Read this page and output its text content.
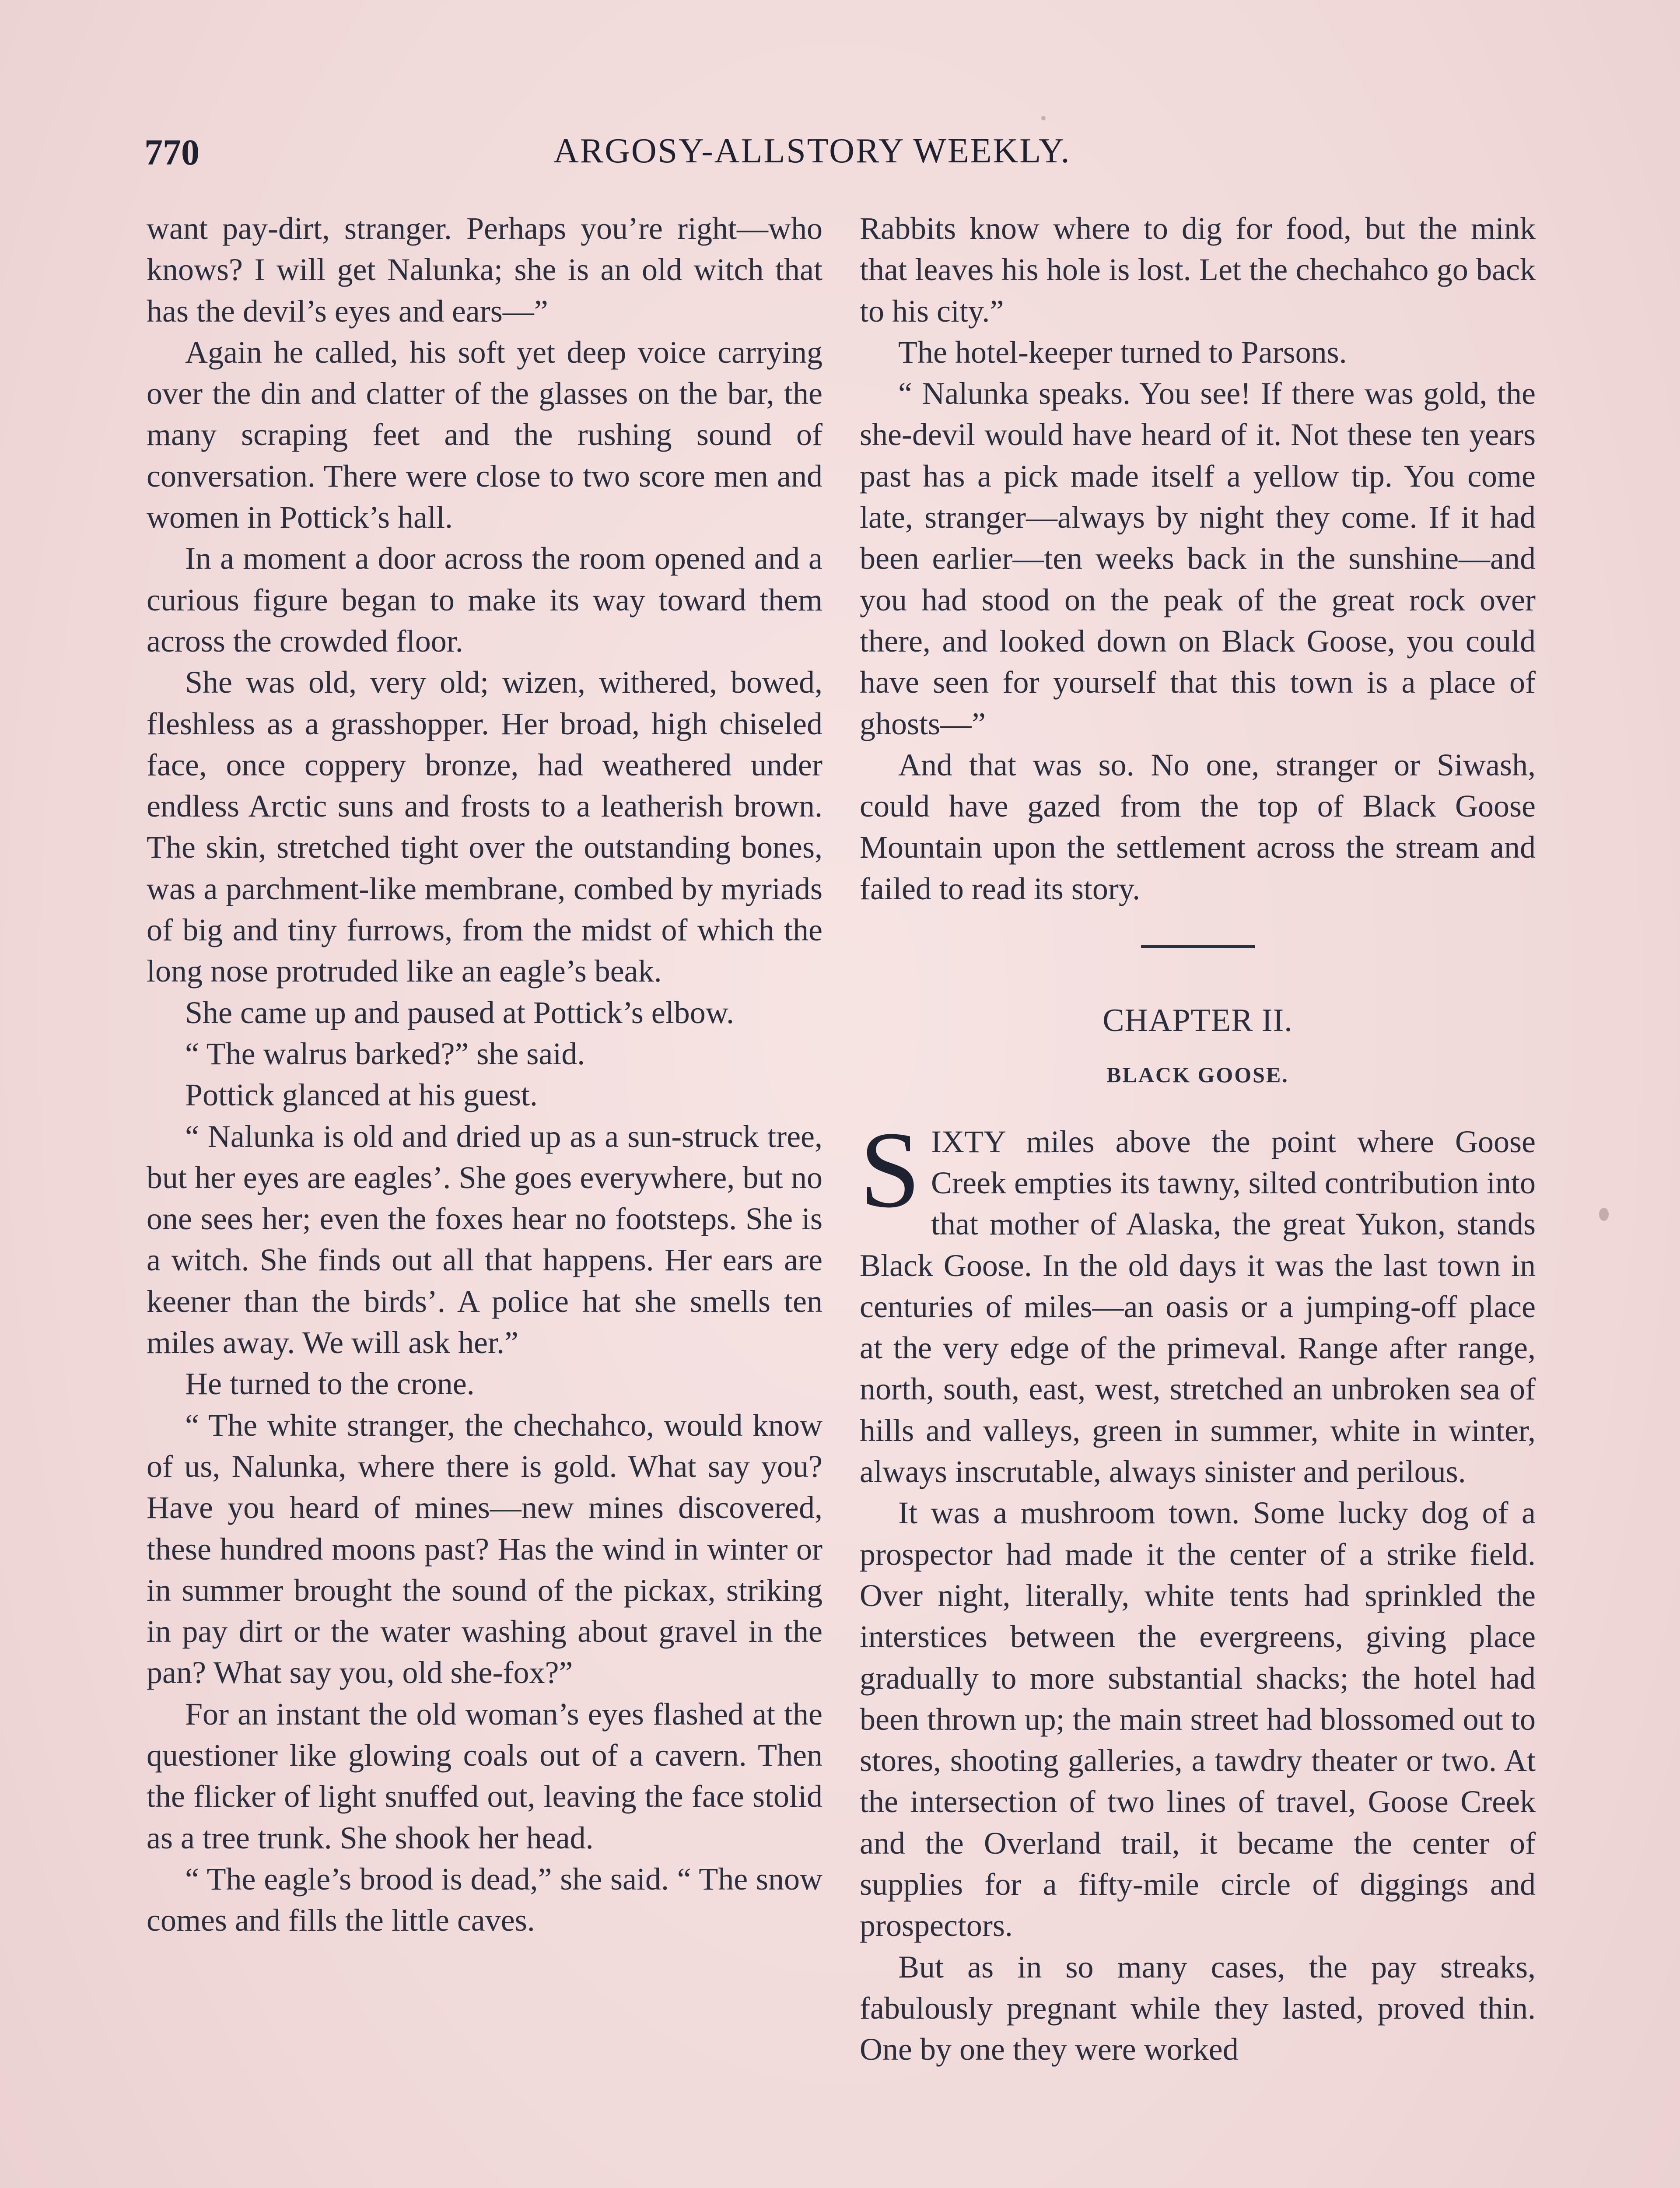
770	ARGOSY-ALLSTORY WEEKLY.

want pay-dirt, stranger. Perhaps you’re right—who knows? I will get Nalunka; she is an old witch that has the devil’s eyes and ears—”

Again he called, his soft yet deep voice carrying over the din and clatter of the glasses on the bar, the many scraping feet and the rushing sound of conversation. There were close to two score men and women in Pottick’s hall.

In a moment a door across the room opened and a curious figure began to make its way toward them across the crowded floor.

She was old, very old; wizen, withered, bowed, fleshless as a grasshopper. Her broad, high chiseled face, once coppery bronze, had weathered under endless Arctic suns and frosts to a leatherish brown. The skin, stretched tight over the outstanding bones, was a parchment-like membrane, combed by myriads of big and tiny furrows, from the midst of which the long nose protruded like an eagle’s beak.

She came up and paused at Pottick’s elbow.

“ The walrus barked?” she said.

Pottick glanced at his guest.

“ Nalunka is old and dried up as a sun-struck tree, but her eyes are eagles’. She goes everywhere, but no one sees her; even the foxes hear no footsteps. She is a witch. She finds out all that happens. Her ears are keener than the birds’. A police hat she smells ten miles away. We will ask her.”

He turned to the crone.

“ The white stranger, the chechahco, would know of us, Nalunka, where there is gold. What say you? Have you heard of mines—new mines discovered, these hundred moons past? Has the wind in winter or in summer brought the sound of the pickax, striking in pay dirt or the water washing about gravel in the pan? What say you, old she-fox?”

For an instant the old woman’s eyes flashed at the questioner like glowing coals out of a cavern. Then the flicker of light snuffed out, leaving the face stolid as a tree trunk. She shook her head.

“ The eagle’s brood is dead,” she said. “ The snow comes and fills the little caves.

Rabbits know where to dig for food, but the mink that leaves his hole is lost. Let the chechahco go back to his city.”

The hotel-keeper turned to Parsons.

“ Nalunka speaks. You see! If there was gold, the she-devil would have heard of it. Not these ten years past has a pick made itself a yellow tip. You come late, stranger—always by night they come. If it had been earlier—ten weeks back in the sunshine—and you had stood on the peak of the great rock over there, and looked down on Black Goose, you could have seen for yourself that this town is a place of ghosts—”

And that was so. No one, stranger or Siwash, could have gazed from the top of Black Goose Mountain upon the settlement across the stream and failed to read its story.

CHAPTER II.
BLACK GOOSE.

SIXTY miles above the point where Goose Creek empties its tawny, silted contribution into that mother of Alaska, the great Yukon, stands Black Goose. In the old days it was the last town in centuries of miles—an oasis or a jumping-off place at the very edge of the primeval. Range after range, north, south, east, west, stretched an unbroken sea of hills and valleys, green in summer, white in winter, always inscrutable, always sinister and perilous.

It was a mushroom town. Some lucky dog of a prospector had made it the center of a strike field. Over night, literally, white tents had sprinkled the interstices between the evergreens, giving place gradually to more substantial shacks; the hotel had been thrown up; the main street had blossomed out to stores, shooting galleries, a tawdry theater or two. At the intersection of two lines of travel, Goose Creek and the Overland trail, it became the center of supplies for a fifty-mile circle of diggings and prospectors.

But as in so many cases, the pay streaks, fabulously pregnant while they lasted, proved thin. One by one they were worked
